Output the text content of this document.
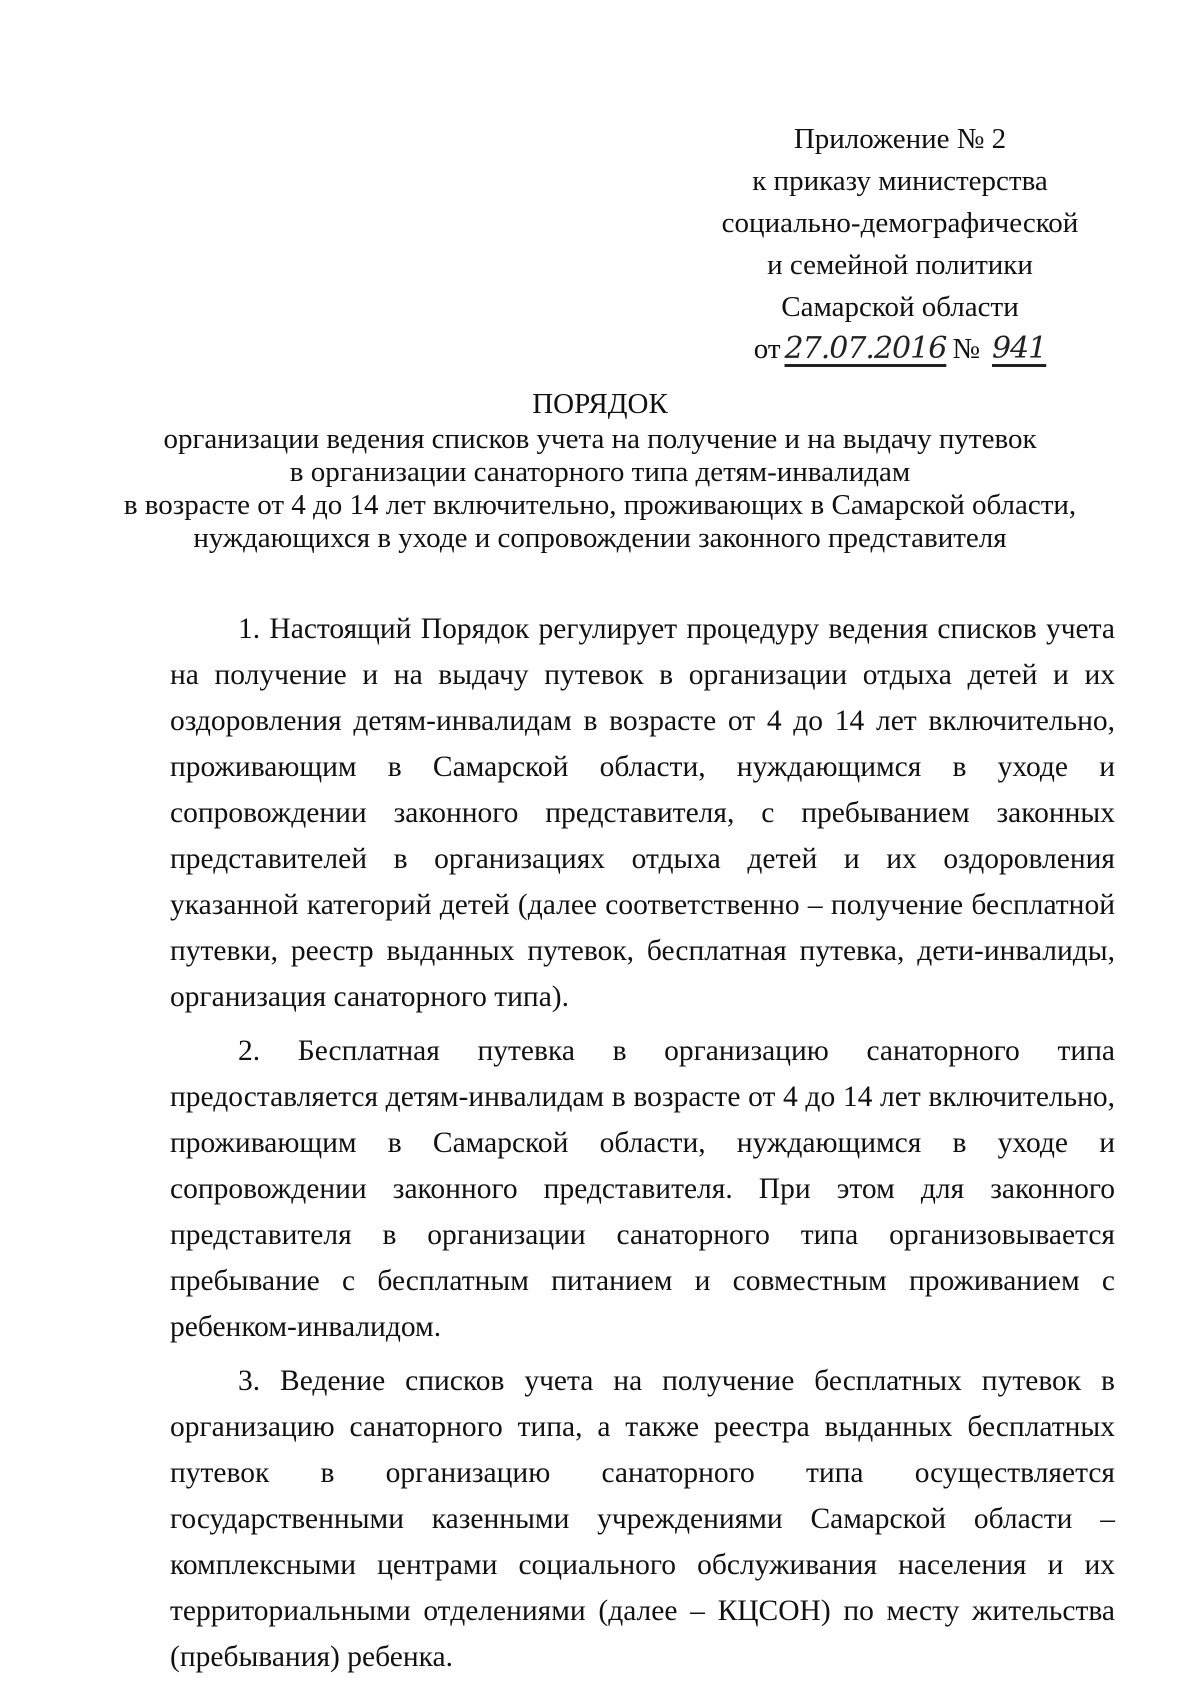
Приложение № 2
к приказу министерства
социально-демографической
и семейной политики
Самарской области
от 27.07.2016 № 941
ПОРЯДОК
организации ведения списков учета на получение и на выдачу путевок
в организации санаторного типа детям-инвалидам
в возрасте от 4 до 14 лет включительно, проживающих в Самарской области,
нуждающихся в уходе и сопровождении законного представителя

1. Настоящий Порядок регулирует процедуру ведения списков учета на получение и на выдачу путевок в организации отдыха детей и их оздоровления детям-инвалидам в возрасте от 4 до 14 лет включительно, проживающим в Самарской области, нуждающимся в уходе и сопровождении законного представителя, с пребыванием законных представителей в организациях отдыха детей и их оздоровления указанной категорий детей (далее соответственно – получение бесплатной путевки, реестр выданных путевок, бесплатная путевка, дети-инвалиды, организация санаторного типа).

2. Бесплатная путевка в организацию санаторного типа предоставляется детям-инвалидам в возрасте от 4 до 14 лет включительно, проживающим в Самарской области, нуждающимся в уходе и сопровождении законного представителя. При этом для законного представителя в организации санаторного типа организовывается пребывание с бесплатным питанием и совместным проживанием с ребенком-инвалидом.

3. Ведение списков учета на получение бесплатных путевок в организацию санаторного типа, а также реестра выданных бесплатных путевок в организацию санаторного типа осуществляется государственными казенными учреждениями Самарской области – комплексными центрами социального обслуживания населения и их территориальными отделениями (далее – КЦСОН) по месту жительства (пребывания) ребенка.
